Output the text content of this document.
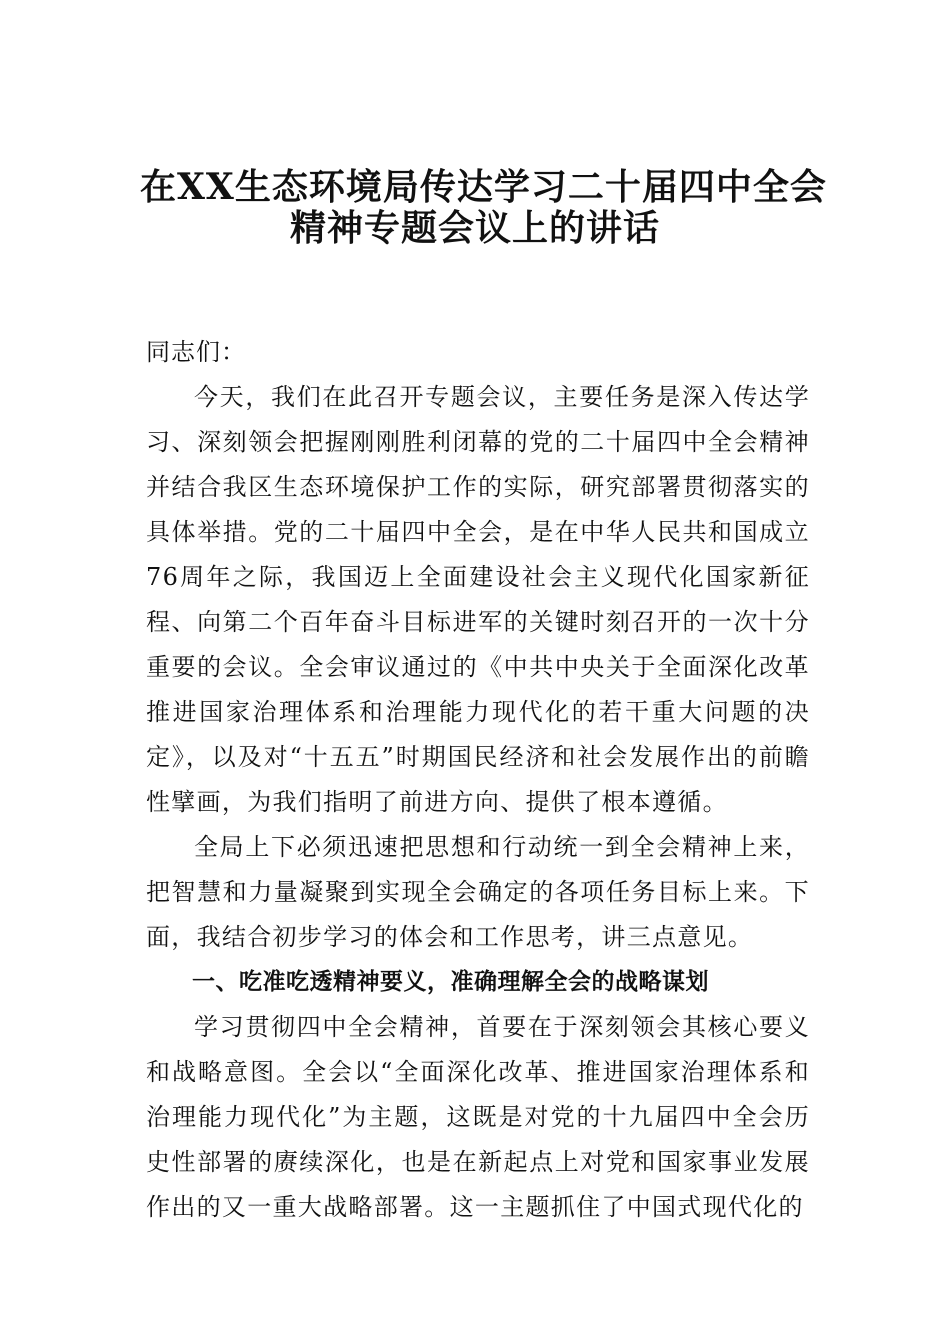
在XX生态环境局传达学习二十届四中全会
精神专题会议上的讲话

同志们：

今天，我们在此召开专题会议，主要任务是深入传达学习、深刻领会把握刚刚胜利闭幕的党的二十届四中全会精神并结合我区生态环境保护工作的实际，研究部署贯彻落实的具体举措。党的二十届四中全会，是在中华人民共和国成立76周年之际，我国迈上全面建设社会主义现代化国家新征程、向第二个百年奋斗目标进军的关键时刻召开的一次十分重要的会议。全会审议通过的《中共中央关于全面深化改革推进国家治理体系和治理能力现代化的若干重大问题的决定》，以及对“十五五”时期国民经济和社会发展作出的前瞻性擘画，为我们指明了前进方向、提供了根本遵循。

全局上下必须迅速把思想和行动统一到全会精神上来，把智慧和力量凝聚到实现全会确定的各项任务目标上来。下面，我结合初步学习的体会和工作思考，讲三点意见。

一、吃准吃透精神要义，准确理解全会的战略谋划

学习贯彻四中全会精神，首要在于深刻领会其核心要义和战略意图。全会以“全面深化改革、推进国家治理体系和治理能力现代化”为主题，这既是对党的十九届四中全会历史性部署的赓续深化，也是在新起点上对党和国家事业发展作出的又一重大战略部署。这一主题抓住了中国式现代化的
